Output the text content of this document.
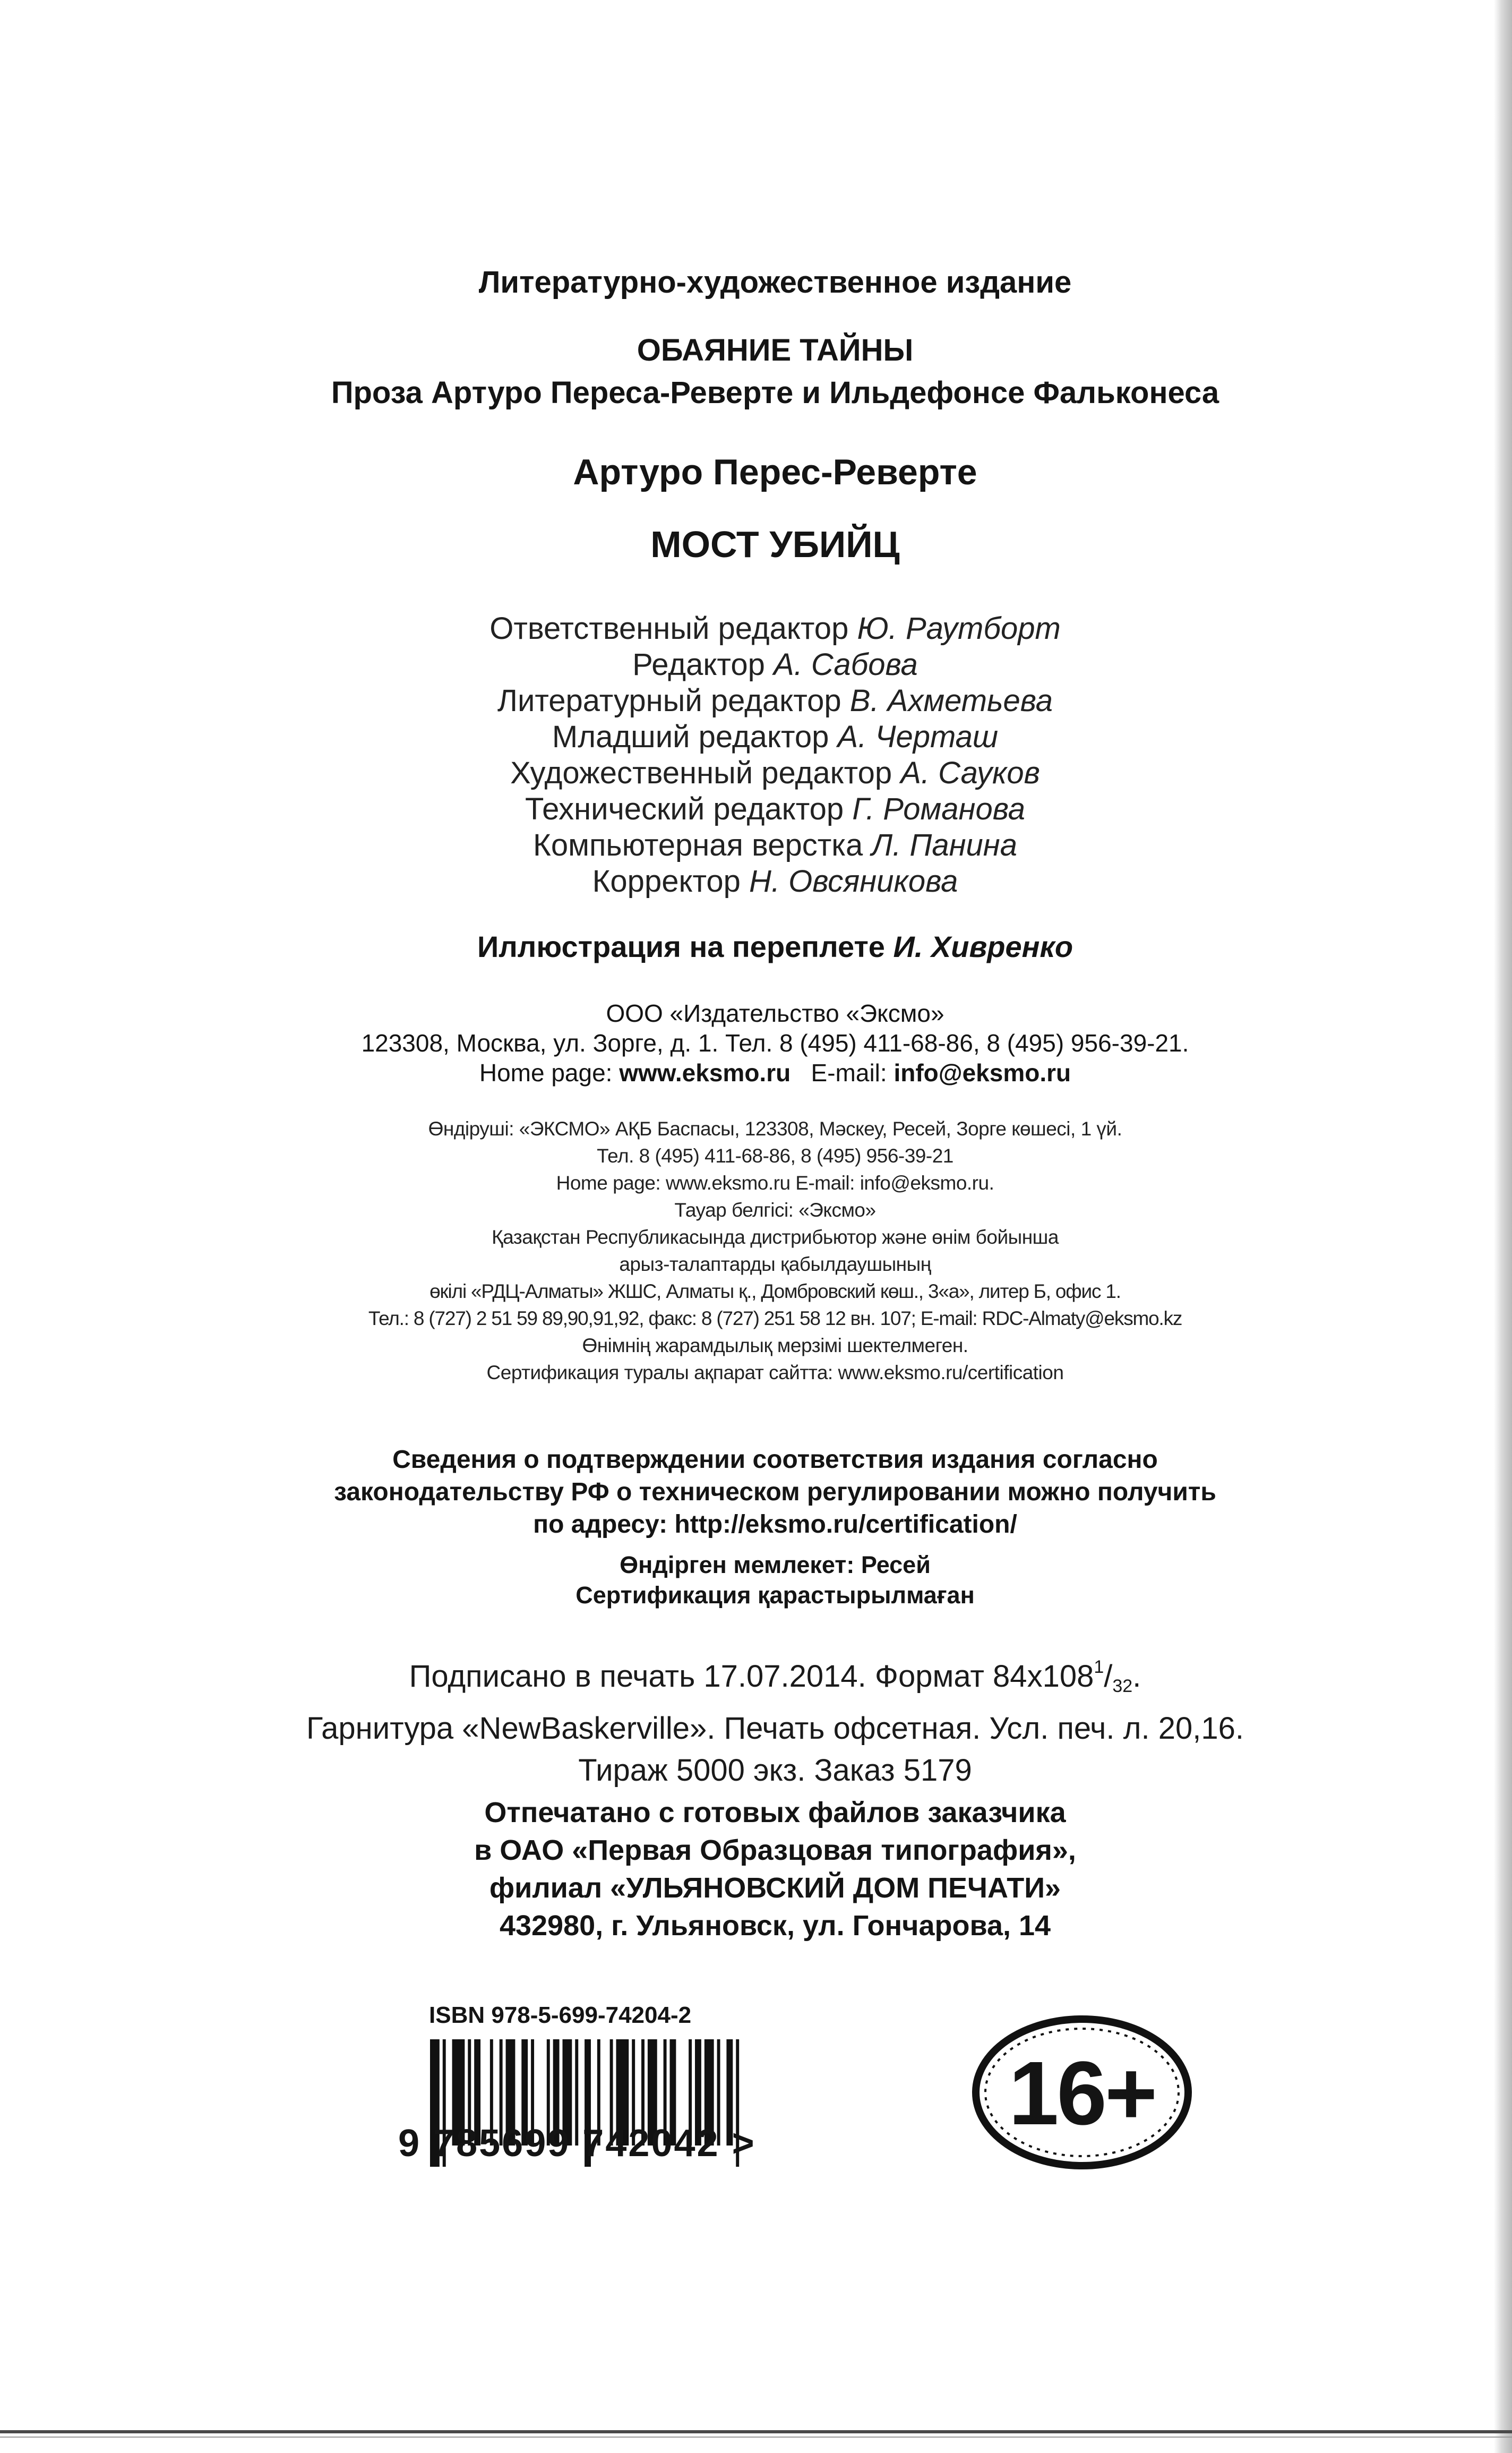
Литературно-художественное издание
ОБАЯНИЕ ТАЙНЫ
Проза Артуро Переса-Реверте и Ильдефонсе Фальконеса
Артуро Перес-Реверте
МОСТ УБИЙЦ
Ответственный редактор Ю. Раутборт
Редактор А. Сабова
Литературный редактор В. Ахметьева
Младший редактор А. Черташ
Художественный редактор А. Сауков
Технический редактор Г. Романова
Компьютерная верстка Л. Панина
Корректор Н. Овсяникова
Иллюстрация на переплете И. Хивренко
ООО «Издательство «Эксмо»
123308, Москва, ул. Зорге, д. 1. Тел. 8 (495) 411-68-86, 8 (495) 956-39-21.
Home page: www.eksmo.ru E-mail: info@eksmo.ru
Өндіруші: «ЭКСМО» АҚБ Баспасы, 123308, Мәскеу, Ресей, Зорге көшесі, 1 үй.
Тел. 8 (495) 411-68-86, 8 (495) 956-39-21
Home page: www.eksmo.ru E-mail: info@eksmo.ru.
Тауар белгісі: «Эксмо»
Қазақстан Республикасында дистрибьютор және өнім бойынша
арыз-талаптарды қабылдаушының
өкілі «РДЦ-Алматы» ЖШС, Алматы қ., Домбровский көш., 3«а», литер Б, офис 1.
Тел.: 8 (727) 2 51 59 89,90,91,92, факс: 8 (727) 251 58 12 вн. 107; E-mail: RDC-Almaty@eksmo.kz
Өнімнің жарамдылық мерзімі шектелмеген.
Сертификация туралы ақпарат сайтта: www.eksmo.ru/certification
Сведения о подтверждении соответствия издания согласно
законодательству РФ о техническом регулировании можно получить
по адресу: http://eksmo.ru/certification/
Өндірген мемлекет: Ресей
Сертификация қарастырылмаған
Подписано в печать 17.07.2014. Формат $84x108^1/_{32}$.
Гарнитура «NewBaskerville». Печать офсетная. Усл. печ. л. 20,16.
Тираж 5000 экз. Заказ 5179
Отпечатано с готовых файлов заказчика
в ОАО «Первая Образцовая типография»,
филиал «УЛЬЯНОВСКИЙ ДОМ ПЕЧАТИ»
432980, г. Ульяновск, ул. Гончарова, 14
ISBN 978-5-699-74204-2
9 785699 742042 >	16+
